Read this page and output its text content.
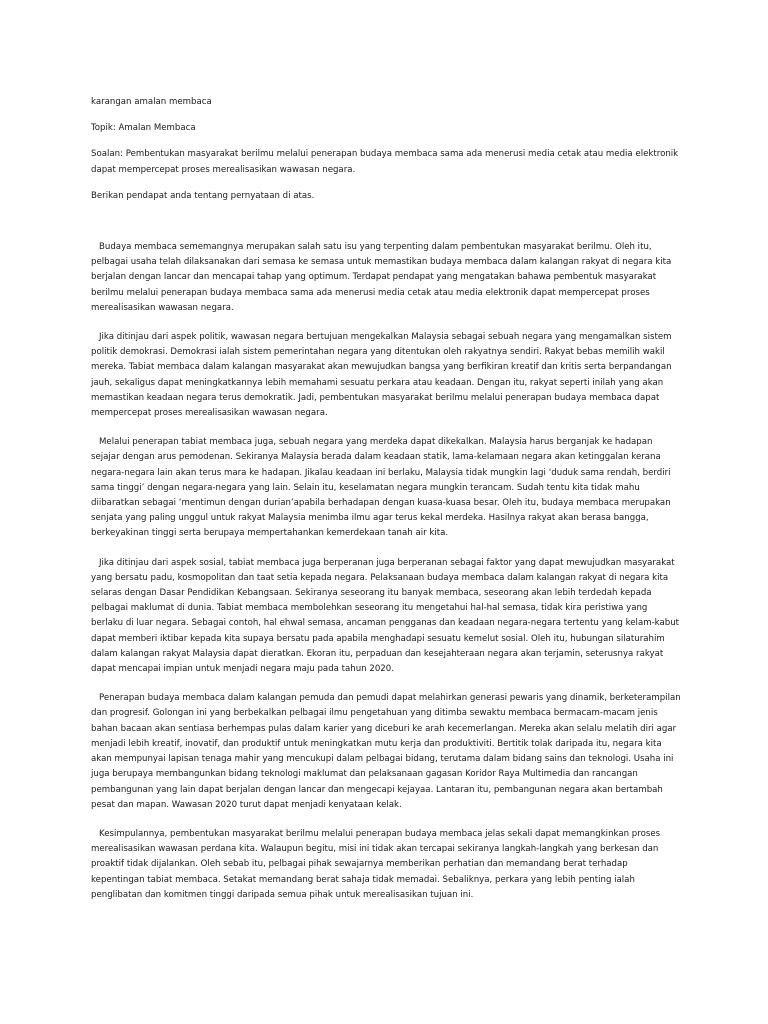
karangan amalan membaca

Topik: Amalan Membaca

Soalan: Pembentukan masyarakat berilmu melalui penerapan budaya membaca sama ada menerusi media cetak atau media elektronik dapat mempercepat proses merealisasikan wawasan negara.

Berikan pendapat anda tentang pernyataan di atas.

Budaya membaca sememangnya merupakan salah satu isu yang terpenting dalam pembentukan masyarakat berilmu. Oleh itu, pelbagai usaha telah dilaksanakan dari semasa ke semasa untuk memastikan budaya membaca dalam kalangan rakyat di negara kita berjalan dengan lancar dan mencapai tahap yang optimum. Terdapat pendapat yang mengatakan bahawa pembentuk masyarakat berilmu melalui penerapan budaya membaca sama ada menerusi media cetak atau media elektronik dapat mempercepat proses merealisasikan wawasan negara.

Jika ditinjau dari aspek politik, wawasan negara bertujuan mengekalkan Malaysia sebagai sebuah negara yang mengamalkan sistem politik demokrasi. Demokrasi ialah sistem pemerintahan negara yang ditentukan oleh rakyatnya sendiri. Rakyat bebas memilih wakil mereka. Tabiat membaca dalam kalangan masyarakat akan mewujudkan bangsa yang berfikiran kreatif dan kritis serta berpandangan jauh, sekaligus dapat meningkatkannya lebih memahami sesuatu perkara atau keadaan. Dengan itu, rakyat seperti inilah yang akan memastikan keadaan negara terus demokratik. Jadi, pembentukan masyarakat berilmu melalui penerapan budaya membaca dapat mempercepat proses merealisasikan wawasan negara.

Melalui penerapan tabiat membaca juga, sebuah negara yang merdeka dapat dikekalkan. Malaysia harus berganjak ke hadapan sejajar dengan arus pemodenan. Sekiranya Malaysia berada dalam keadaan statik, lama-kelamaan negara akan ketinggalan kerana negara-negara lain akan terus mara ke hadapan. Jikalau keadaan ini berlaku, Malaysia tidak mungkin lagi ‘duduk sama rendah, berdiri sama tinggi’ dengan negara-negara yang lain. Selain itu, keselamatan negara mungkin terancam. Sudah tentu kita tidak mahu diibaratkan sebagai ‘mentimun dengan durian’apabila berhadapan dengan kuasa-kuasa besar. Oleh itu, budaya membaca merupakan senjata yang paling unggul untuk rakyat Malaysia menimba ilmu agar terus kekal merdeka. Hasilnya rakyat akan berasa bangga, berkeyakinan tinggi serta berupaya mempertahankan kemerdekaan tanah air kita.

Jika ditinjau dari aspek sosial, tabiat membaca juga berperanan juga berperanan sebagai faktor yang dapat mewujudkan masyarakat yang bersatu padu, kosmopolitan dan taat setia kepada negara. Pelaksanaan budaya membaca dalam kalangan rakyat di negara kita selaras dengan Dasar Pendidikan Kebangsaan. Sekiranya seseorang itu banyak membaca, seseorang akan lebih terdedah kepada pelbagai maklumat di dunia. Tabiat membaca membolehkan seseorang itu mengetahui hal-hal semasa, tidak kira peristiwa yang berlaku di luar negara. Sebagai contoh, hal ehwal semasa, ancaman pengganas dan keadaan negara-negara tertentu yang kelam-kabut dapat memberi iktibar kepada kita supaya bersatu pada apabila menghadapi sesuatu kemelut sosial. Oleh itu, hubungan silaturahim dalam kalangan rakyat Malaysia dapat dieratkan. Ekoran itu, perpaduan dan kesejahteraan negara akan terjamin, seterusnya rakyat dapat mencapai impian untuk menjadi negara maju pada tahun 2020.

Penerapan budaya membaca dalam kalangan pemuda dan pemudi dapat melahirkan generasi pewaris yang dinamik, berketerampilan dan progresif. Golongan ini yang berbekalkan pelbagai ilmu pengetahuan yang ditimba sewaktu membaca bermacam-macam jenis bahan bacaan akan sentiasa berhempas pulas dalam karier yang diceburi ke arah kecemerlangan. Mereka akan selalu melatih diri agar menjadi lebih kreatif, inovatif, dan produktif untuk meningkatkan mutu kerja dan produktiviti. Bertitik tolak daripada itu, negara kita akan mempunyai lapisan tenaga mahir yang mencukupi dalam pelbagai bidang, terutama dalam bidang sains dan teknologi. Usaha ini juga berupaya membangunkan bidang teknologi maklumat dan pelaksanaan gagasan Koridor Raya Multimedia dan rancangan pembangunan yang lain dapat berjalan dengan lancar dan mengecapi kejayaa. Lantaran itu, pembangunan negara akan bertambah pesat dan mapan. Wawasan 2020 turut dapat menjadi kenyataan kelak.

Kesimpulannya, pembentukan masyarakat berilmu melalui penerapan budaya membaca jelas sekali dapat memangkinkan proses merealisasikan wawasan perdana kita. Walaupun begitu, misi ini tidak akan tercapai sekiranya langkah-langkah yang berkesan dan proaktif tidak dijalankan. Oleh sebab itu, pelbagai pihak sewajarnya memberikan perhatian dan memandang berat terhadap kepentingan tabiat membaca. Setakat memandang berat sahaja tidak memadai. Sebaliknya, perkara yang lebih penting ialah penglibatan dan komitmen tinggi daripada semua pihak untuk merealisasikan tujuan ini.
